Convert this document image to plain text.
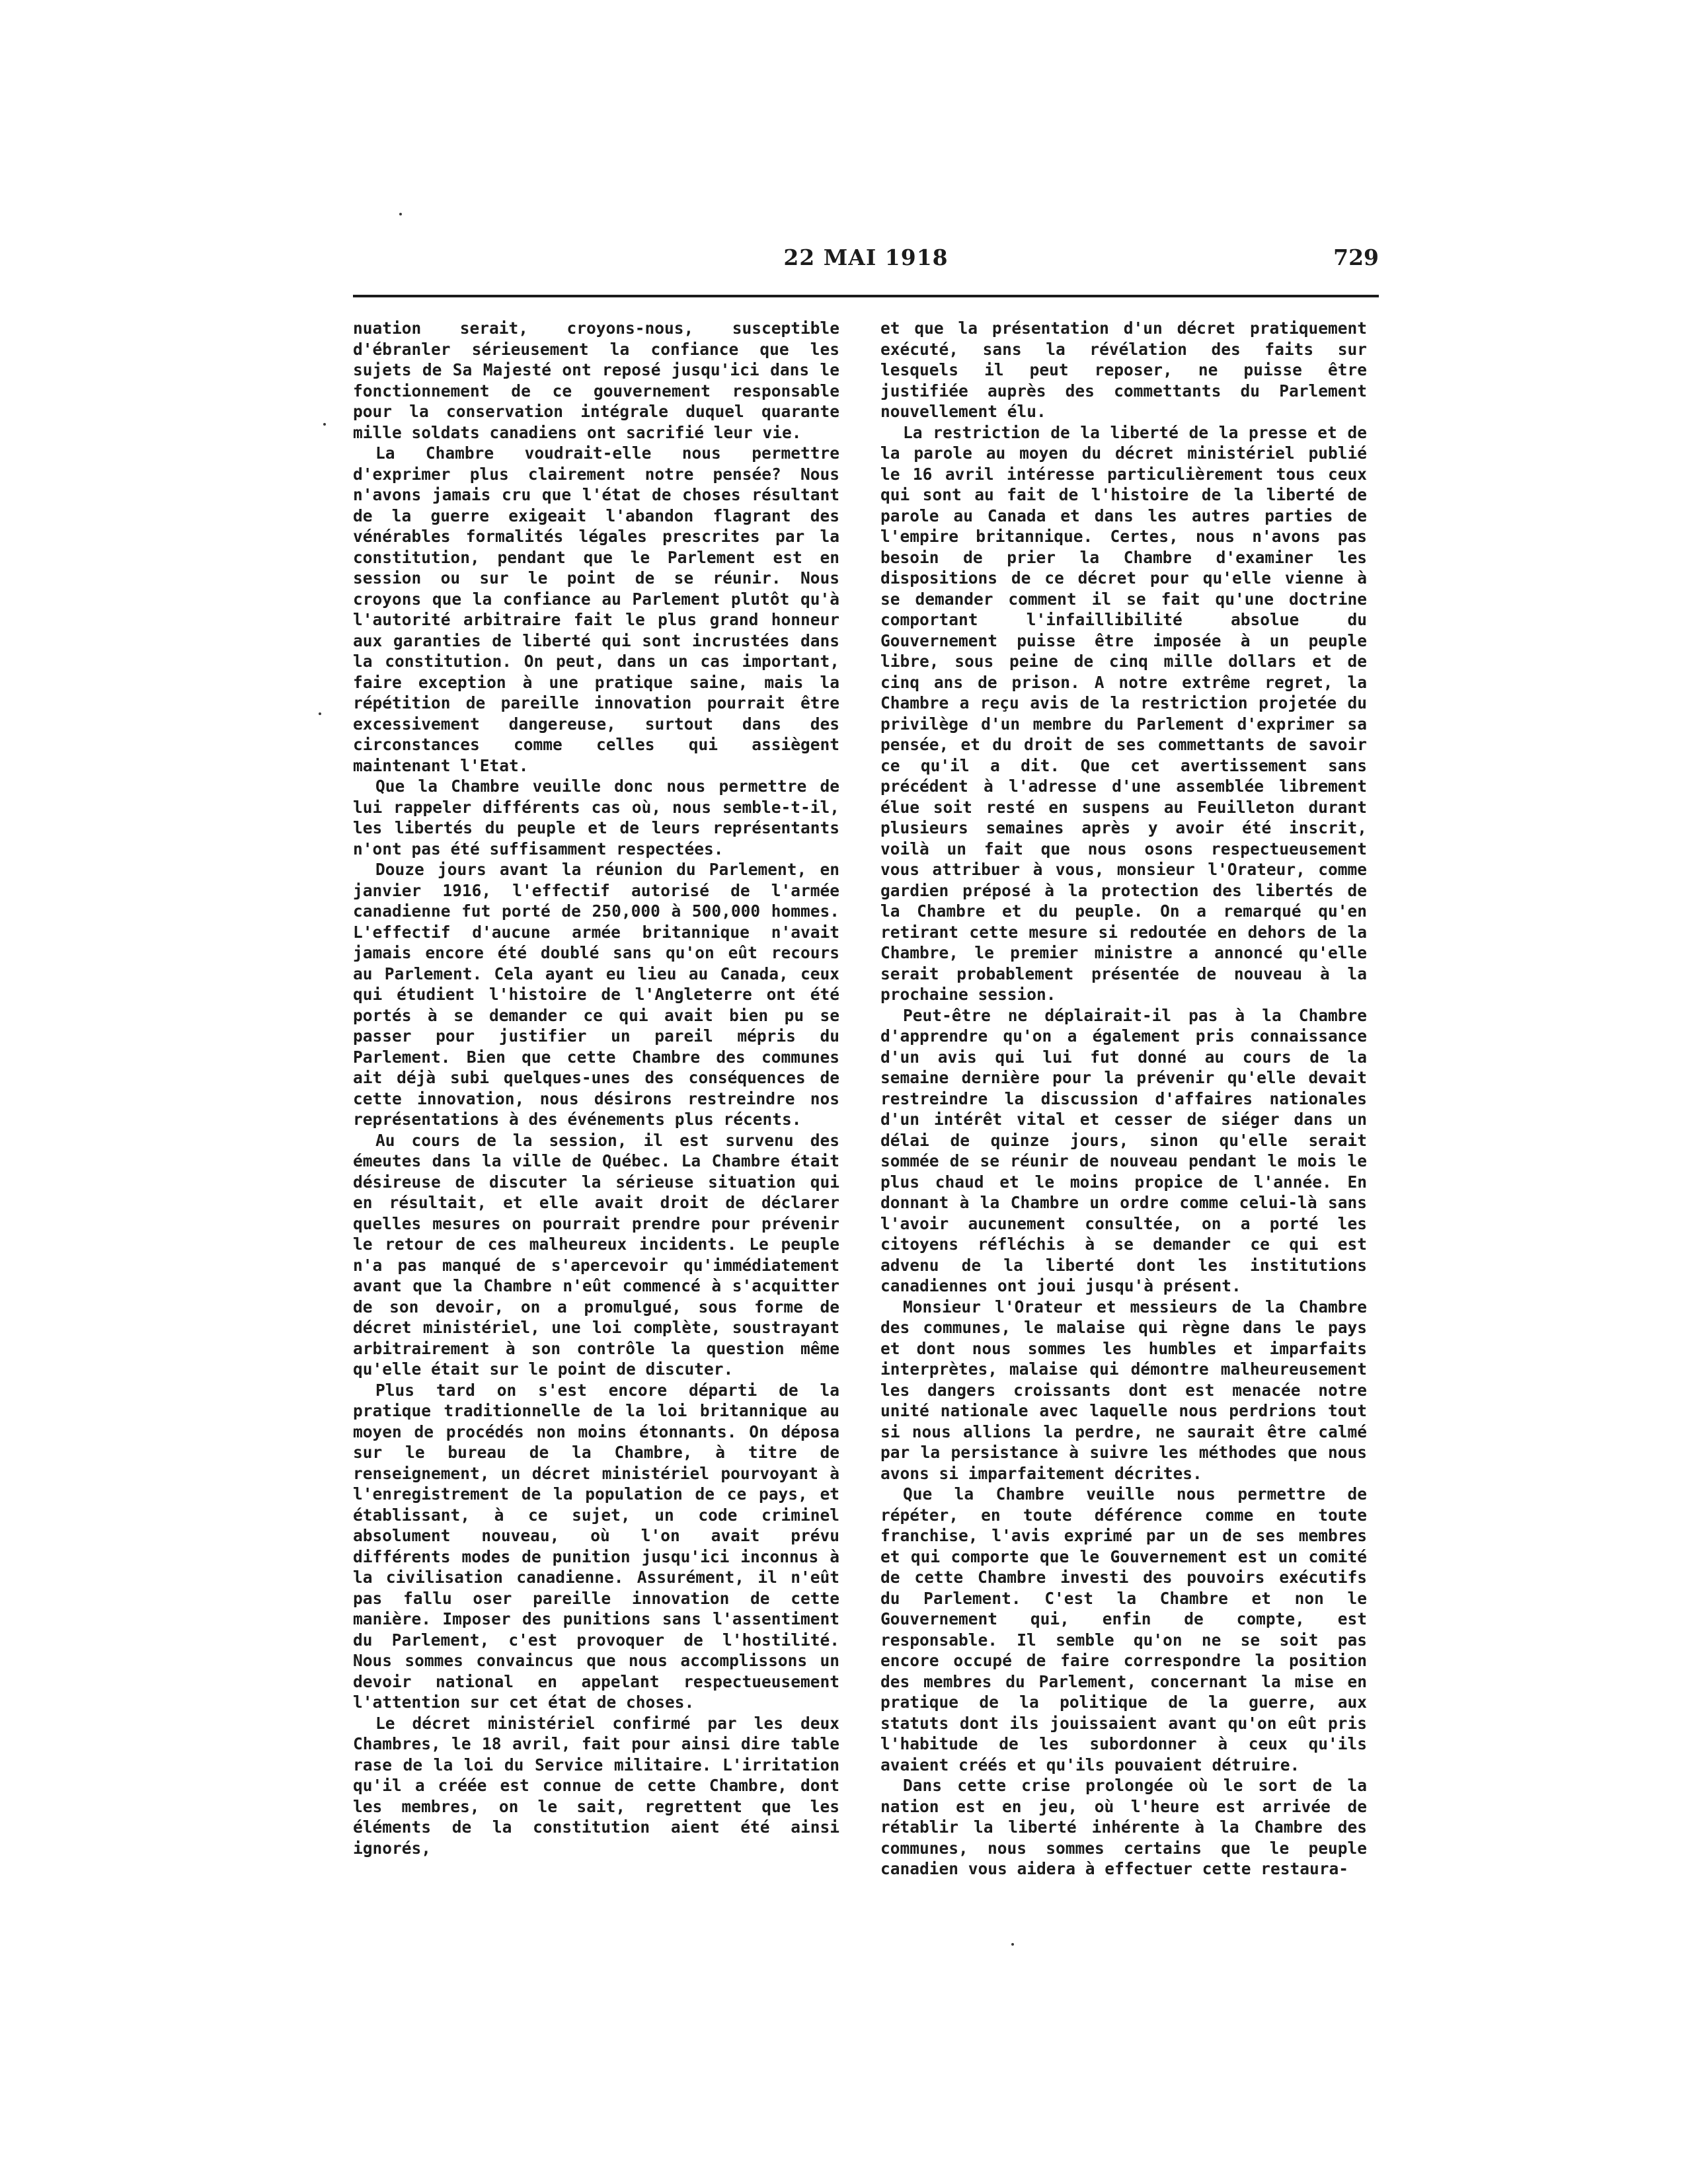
22 MAI 1918	729

nuation serait, croyons-nous, susceptible d'ébranler sérieusement la confiance que les sujets de Sa Majesté ont reposé jusqu'ici dans le fonctionnement de ce gouvernement responsable pour la conservation intégrale duquel quarante mille soldats canadiens ont sacrifié leur vie.

La Chambre voudrait-elle nous permettre d'exprimer plus clairement notre pensée? Nous n'avons jamais cru que l'état de choses résultant de la guerre exigeait l'abandon flagrant des vénérables formalités légales prescrites par la constitution, pendant que le Parlement est en session ou sur le point de se réunir. Nous croyons que la confiance au Parlement plutôt qu'à l'autorité arbitraire fait le plus grand honneur aux garanties de liberté qui sont incrustées dans la constitution. On peut, dans un cas important, faire exception à une pratique saine, mais la répétition de pareille innovation pourrait être excessivement dangereuse, surtout dans des circonstances comme celles qui assiègent maintenant l'Etat.

Que la Chambre veuille donc nous permettre de lui rappeler différents cas où, nous semble-t-il, les libertés du peuple et de leurs représentants n'ont pas été suffisamment respectées.

Douze jours avant la réunion du Parlement, en janvier 1916, l'effectif autorisé de l'armée canadienne fut porté de 250,000 à 500,000 hommes. L'effectif d'aucune armée britannique n'avait jamais encore été doublé sans qu'on eût recours au Parlement. Cela ayant eu lieu au Canada, ceux qui étudient l'histoire de l'Angleterre ont été portés à se demander ce qui avait bien pu se passer pour justifier un pareil mépris du Parlement. Bien que cette Chambre des communes ait déjà subi quelques-unes des conséquences de cette innovation, nous désirons restreindre nos représentations à des événements plus récents.

Au cours de la session, il est survenu des émeutes dans la ville de Québec. La Chambre était désireuse de discuter la sérieuse situation qui en résultait, et elle avait droit de déclarer quelles mesures on pourrait prendre pour prévenir le retour de ces malheureux incidents. Le peuple n'a pas manqué de s'apercevoir qu'immédiatement avant que la Chambre n'eût commencé à s'acquitter de son devoir, on a promulgué, sous forme de décret ministériel, une loi complète, soustrayant arbitrairement à son contrôle la question même qu'elle était sur le point de discuter.

Plus tard on s'est encore départi de la pratique traditionnelle de la loi britannique au moyen de procédés non moins étonnants. On déposa sur le bureau de la Chambre, à titre de renseignement, un décret ministériel pourvoyant à l'enregistrement de la population de ce pays, et établissant, à ce sujet, un code criminel absolument nouveau, où l'on avait prévu différents modes de punition jusqu'ici inconnus à la civilisation canadienne. Assurément, il n'eût pas fallu oser pareille innovation de cette manière. Imposer des punitions sans l'assentiment du Parlement, c'est provoquer de l'hostilité. Nous sommes convaincus que nous accomplissons un devoir national en appelant respectueusement l'attention sur cet état de choses.

Le décret ministériel confirmé par les deux Chambres, le 18 avril, fait pour ainsi dire table rase de la loi du Service militaire. L'irritation qu'il a créée est connue de cette Chambre, dont les membres, on le sait, regrettent que les éléments de la constitution aient été ainsi ignorés,

et que la présentation d'un décret pratiquement exécuté, sans la révélation des faits sur lesquels il peut reposer, ne puisse être justifiée auprès des commettants du Parlement nouvellement élu.

La restriction de la liberté de la presse et de la parole au moyen du décret ministériel publié le 16 avril intéresse particulièrement tous ceux qui sont au fait de l'histoire de la liberté de parole au Canada et dans les autres parties de l'empire britannique. Certes, nous n'avons pas besoin de prier la Chambre d'examiner les dispositions de ce décret pour qu'elle vienne à se demander comment il se fait qu'une doctrine comportant l'infaillibilité absolue du Gouvernement puisse être imposée à un peuple libre, sous peine de cinq mille dollars et de cinq ans de prison. A notre extrême regret, la Chambre a reçu avis de la restriction projetée du privilège d'un membre du Parlement d'exprimer sa pensée, et du droit de ses commettants de savoir ce qu'il a dit. Que cet avertissement sans précédent à l'adresse d'une assemblée librement élue soit resté en suspens au Feuilleton durant plusieurs semaines après y avoir été inscrit, voilà un fait que nous osons respectueusement vous attribuer à vous, monsieur l'Orateur, comme gardien préposé à la protection des libertés de la Chambre et du peuple. On a remarqué qu'en retirant cette mesure si redoutée en dehors de la Chambre, le premier ministre a annoncé qu'elle serait probablement présentée de nouveau à la prochaine session.

Peut-être ne déplairait-il pas à la Chambre d'apprendre qu'on a également pris connaissance d'un avis qui lui fut donné au cours de la semaine dernière pour la prévenir qu'elle devait restreindre la discussion d'affaires nationales d'un intérêt vital et cesser de siéger dans un délai de quinze jours, sinon qu'elle serait sommée de se réunir de nouveau pendant le mois le plus chaud et le moins propice de l'année. En donnant à la Chambre un ordre comme celui-là sans l'avoir aucunement consultée, on a porté les citoyens réfléchis à se demander ce qui est advenu de la liberté dont les institutions canadiennes ont joui jusqu'à présent.

Monsieur l'Orateur et messieurs de la Chambre des communes, le malaise qui règne dans le pays et dont nous sommes les humbles et imparfaits interprètes, malaise qui démontre malheureusement les dangers croissants dont est menacée notre unité nationale avec laquelle nous perdrions tout si nous allions la perdre, ne saurait être calmé par la persistance à suivre les méthodes que nous avons si imparfaitement décrites.

Que la Chambre veuille nous permettre de répéter, en toute déférence comme en toute franchise, l'avis exprimé par un de ses membres et qui comporte que le Gouvernement est un comité de cette Chambre investi des pouvoirs exécutifs du Parlement. C'est la Chambre et non le Gouvernement qui, enfin de compte, est responsable. Il semble qu'on ne se soit pas encore occupé de faire correspondre la position des membres du Parlement, concernant la mise en pratique de la politique de la guerre, aux statuts dont ils jouissaient avant qu'on eût pris l'habitude de les subordonner à ceux qu'ils avaient créés et qu'ils pouvaient détruire.

Dans cette crise prolongée où le sort de la nation est en jeu, où l'heure est arrivée de rétablir la liberté inhérente à la Chambre des communes, nous sommes certains que le peuple canadien vous aidera à effectuer cette restaura-
